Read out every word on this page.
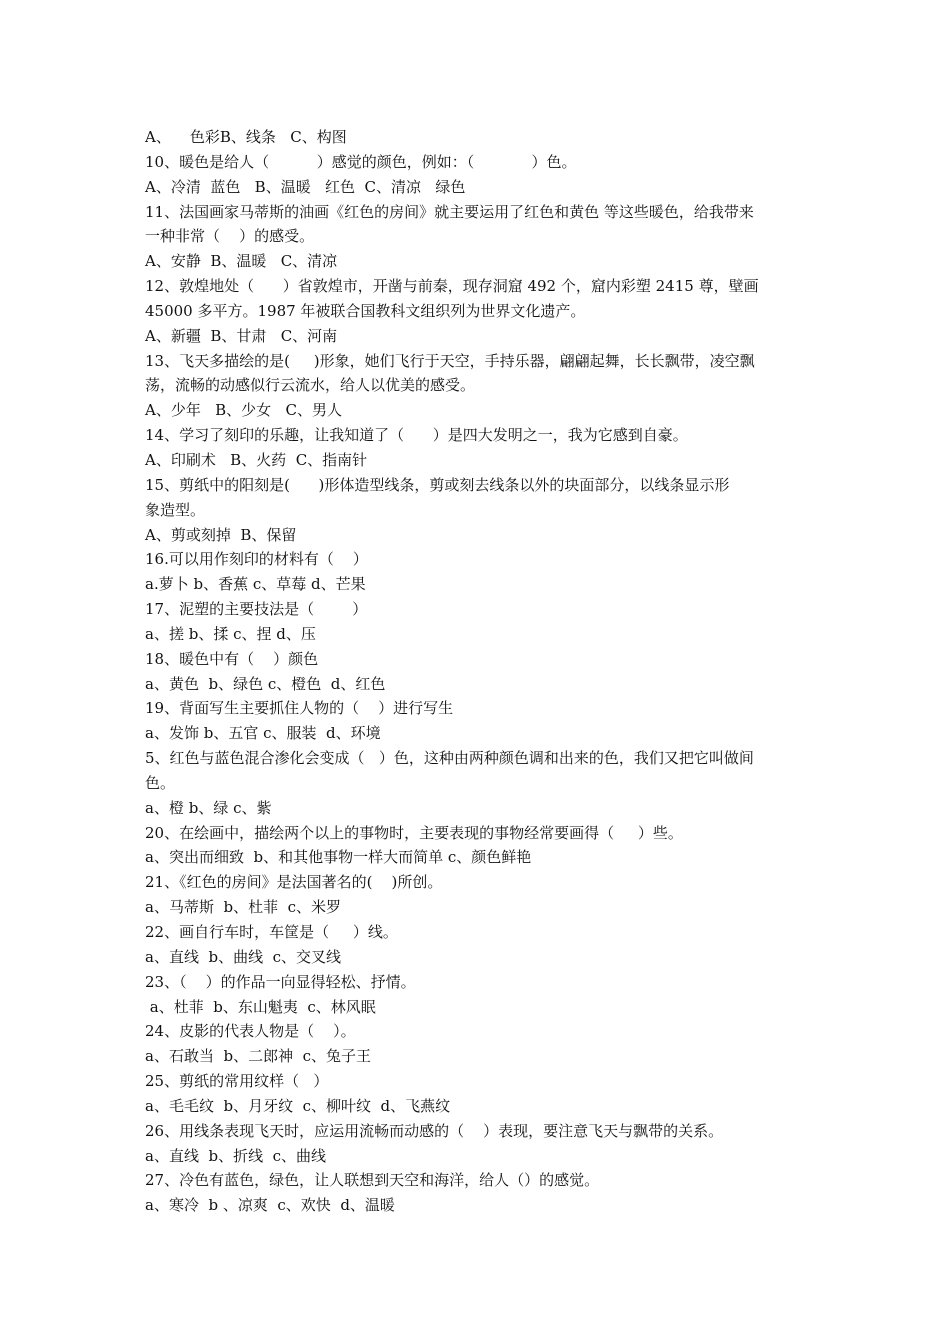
A、    色彩B、线条   C、构图
10、暖色是给人（          ）感觉的颜色，例如：（            ）色。
A、冷清  蓝色   B、温暖   红色  C、清凉   绿色
11、法国画家马蒂斯的油画《红色的房间》就主要运用了红色和黄色 等这些暖色，给我带来
一种非常（    ）的感受。
A、安静  B、温暖   C、清凉
12、敦煌地处（      ）省敦煌市，开凿与前秦，现存洞窟 492 个，窟内彩塑 2415 尊，壁画
45000 多平方。1987 年被联合国教科文组织列为世界文化遗产。
A、新疆  B、甘肃   C、河南
13、飞天多描绘的是(     )形象，她们飞行于天空，手持乐器，翩翩起舞，长长飘带，凌空飘
荡，流畅的动感似行云流水，给人以优美的感受。
A、少年   B、少女   C、男人
14、学习了刻印的乐趣，让我知道了（      ）是四大发明之一，我为它感到自豪。
A、印刷术   B、火药  C、指南针
15、剪纸中的阳刻是(      )形体造型线条，剪或刻去线条以外的块面部分，以线条显示形
象造型。
A、剪或刻掉  B、保留
16.可以用作刻印的材料有（    ）
a.萝卜 b、香蕉 c、草莓 d、芒果
17、泥塑的主要技法是（        ）
a、搓 b、揉 c、捏 d、压
18、暖色中有（    ）颜色
a、黄色  b、绿色 c、橙色  d、红色
19、背面写生主要抓住人物的（    ）进行写生
a、发饰 b、五官 c、服装  d、环境
5、红色与蓝色混合渗化会变成（   ）色，这种由两种颜色调和出来的色，我们又把它叫做间
色。
a、橙 b、绿 c、紫
20、在绘画中，描绘两个以上的事物时，主要表现的事物经常要画得（     ）些。
a、突出而细致  b、和其他事物一样大而简单 c、颜色鲜艳
21、《红色的房间》是法国著名的(    )所创。
a、马蒂斯  b、杜菲  c、米罗
22、画自行车时，车筐是（     ）线。
a、直线  b、曲线  c、交叉线
23、（    ）的作品一向显得轻松、抒情。
a、杜菲  b、东山魁夷  c、林风眠
24、皮影的代表人物是（    ）。
a、石敢当  b、二郎神  c、兔子王
25、剪纸的常用纹样（   ）
a、毛毛纹  b、月牙纹  c、柳叶纹  d、飞燕纹
26、用线条表现飞天时，应运用流畅而动感的（    ）表现，要注意飞天与飘带的关系。
a、直线  b、折线  c、曲线
27、冷色有蓝色，绿色，让人联想到天空和海洋，给人（）的感觉。
a、寒冷  b 、凉爽  c、欢快  d、温暖
